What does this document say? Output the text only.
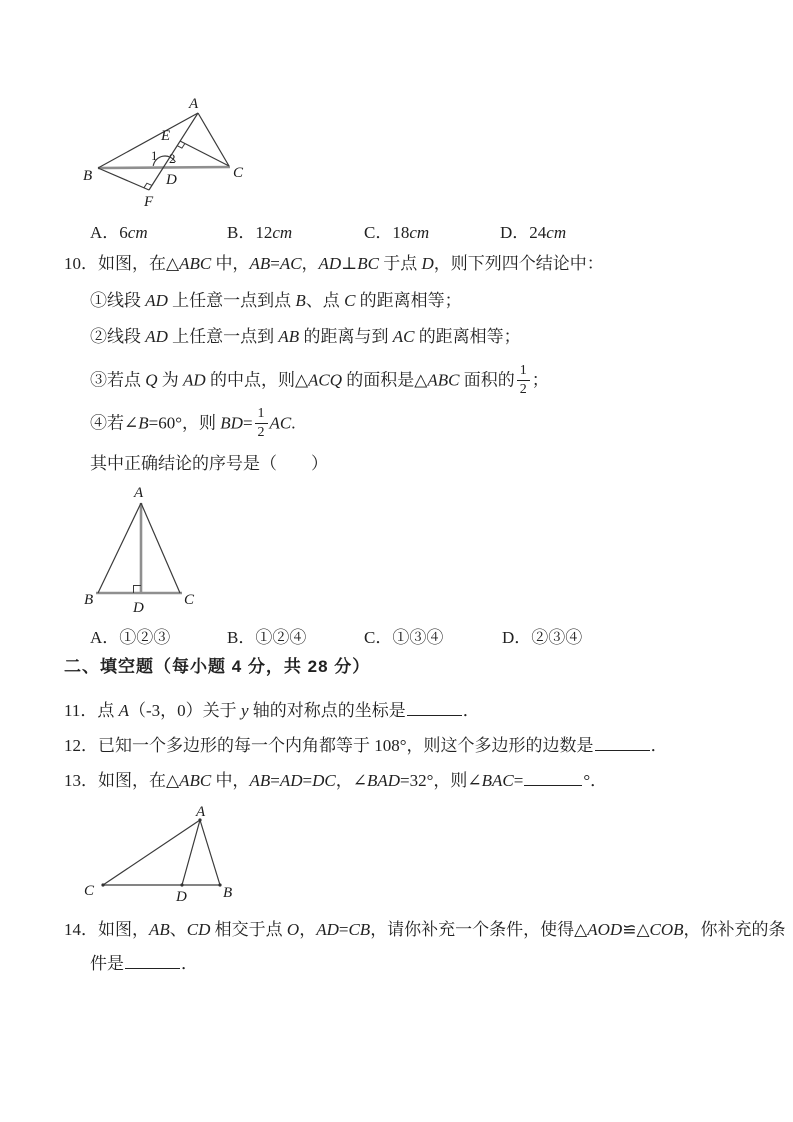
A
B	C
D
E
F
1 2
A．6cm	B．12cm	C．18cm	D．24cm
10．如图，在△ABC 中，AB=AC，AD⊥BC 于点 D，则下列四个结论中：
①线段 AD 上任意一点到点 B、点 C 的距离相等；
②线段 AD 上任意一点到 AB 的距离与到 AC 的距离相等；
③若点 Q 为 AD 的中点，则△ACQ 的面积是△ABC 面积的 $\frac{1}{2}$ ；
④若∠B=60°，则 $BD= \frac{1}{2}$ AC.
其中正确结论的序号是（　　）
A
B	C
D
A．①②③	B．①②④	C．①③④	D．②③④
二、填空题（每小题 4 分，共 28 分）
11．点 A（-3，0）关于 y 轴的对称点的坐标是	．
12．已知一个多边形的每一个内角都等于 108°，则这个多边形的边数是	．
13．如图，在△ABC 中，AB=AD=DC，∠BAD=32°，则∠BAC=	°．
A
C	B
D
14．如图，AB、CD 相交于点 O，AD=CB，请你补充一个条件，使得△AOD≌△COB，你补充的条
件是	．
